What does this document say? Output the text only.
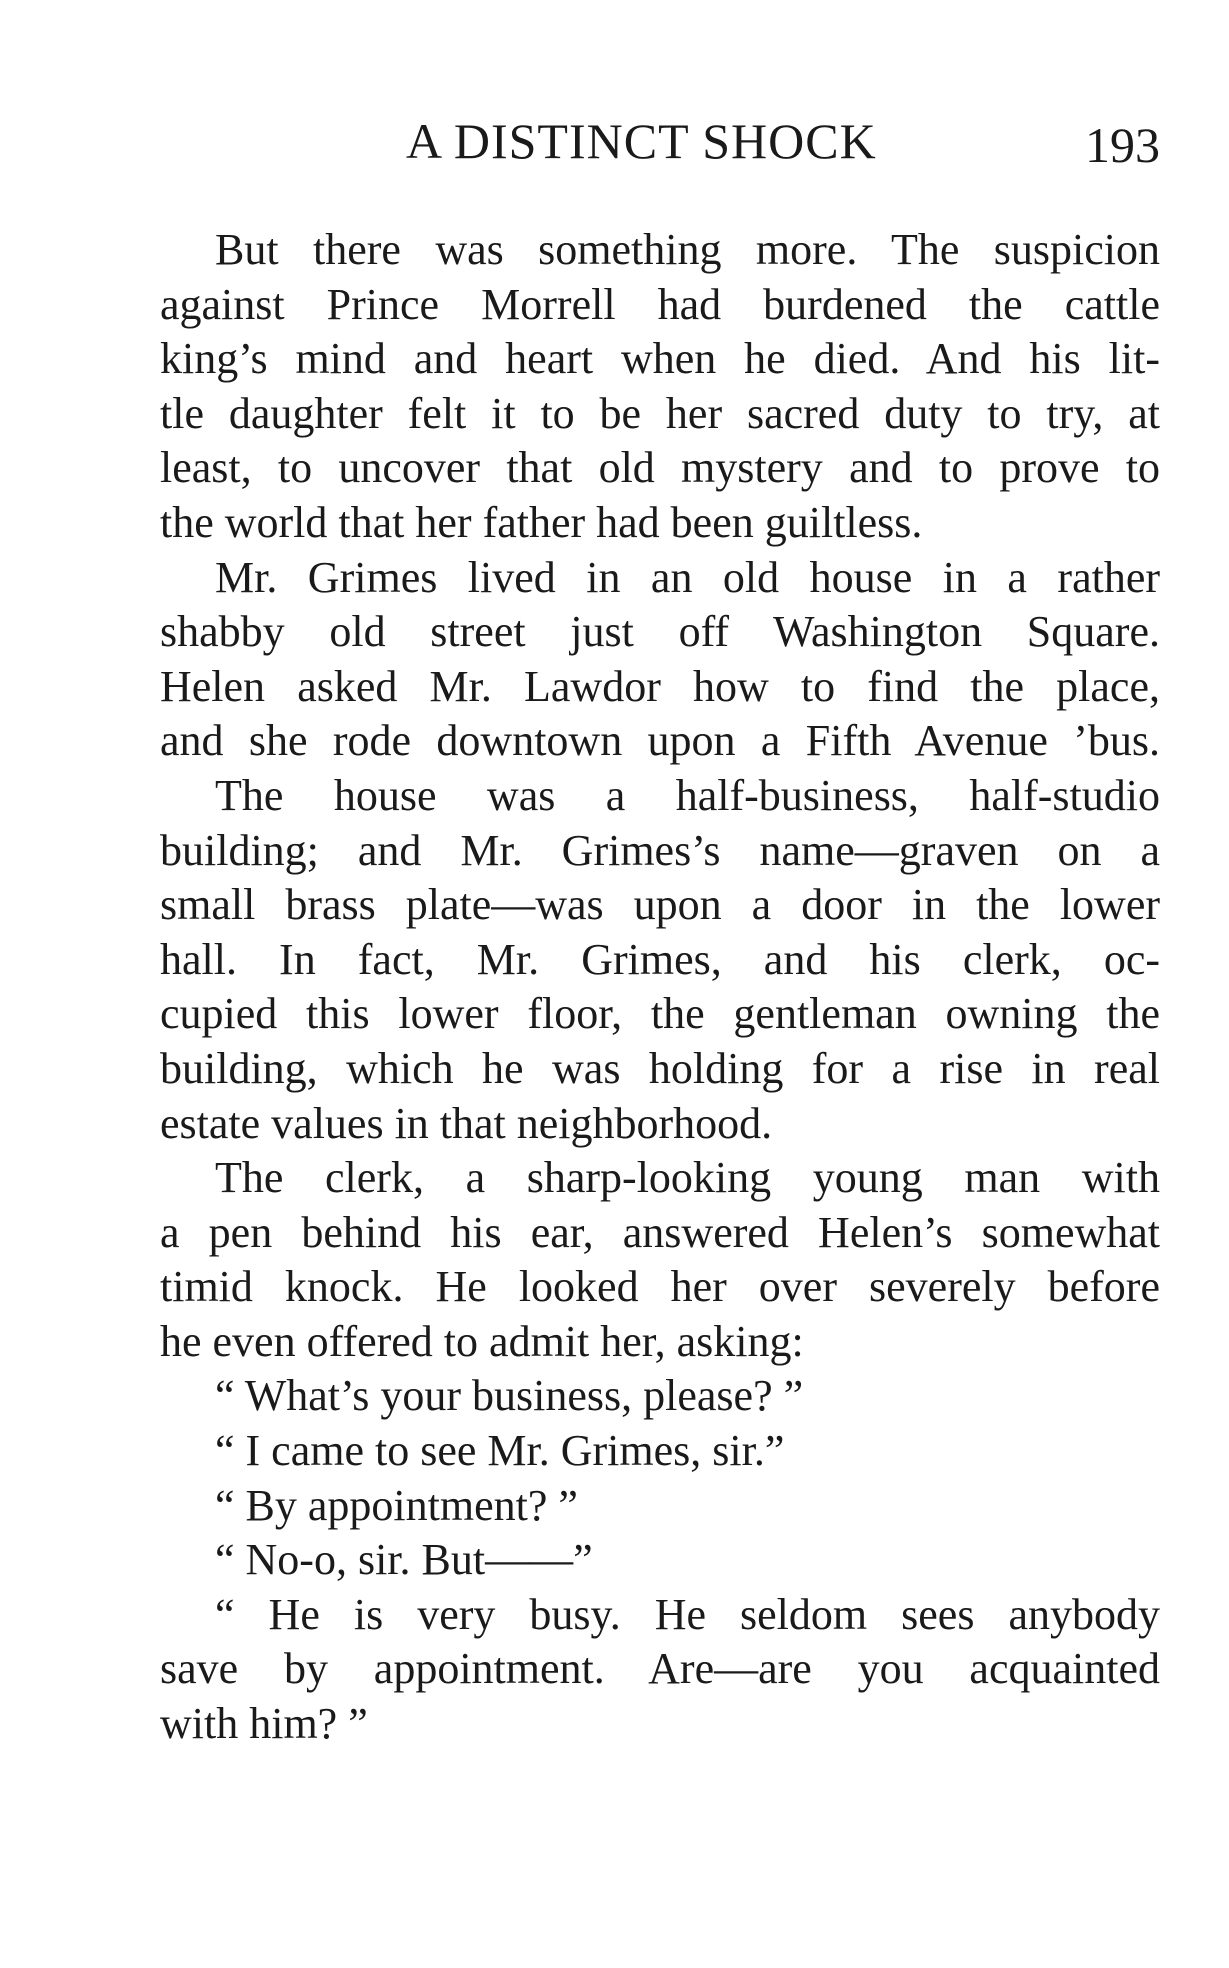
A DISTINCT SHOCK	193
But there was something more. The suspicion
against Prince Morrell had burdened the cattle
king’s mind and heart when he died. And his lit-
tle daughter felt it to be her sacred duty to try, at
least, to uncover that old mystery and to prove to
the world that her father had been guiltless.
Mr. Grimes lived in an old house in a rather
shabby old street just off Washington Square.
Helen asked Mr. Lawdor how to find the place,
and she rode downtown upon a Fifth Avenue ’bus.
The house was a half-business, half-studio
building; and Mr. Grimes’s name—graven on a
small brass plate—was upon a door in the lower
hall. In fact, Mr. Grimes, and his clerk, oc-
cupied this lower floor, the gentleman owning the
building, which he was holding for a rise in real
estate values in that neighborhood.
The clerk, a sharp-looking young man with
a pen behind his ear, answered Helen’s somewhat
timid knock. He looked her over severely before
he even offered to admit her, asking:
“ What’s your business, please? ”
“ I came to see Mr. Grimes, sir.”
“ By appointment? ”
“ No-o, sir. But——”
“ He is very busy. He seldom sees anybody
save by appointment. Are—are you acquainted
with him? ”
